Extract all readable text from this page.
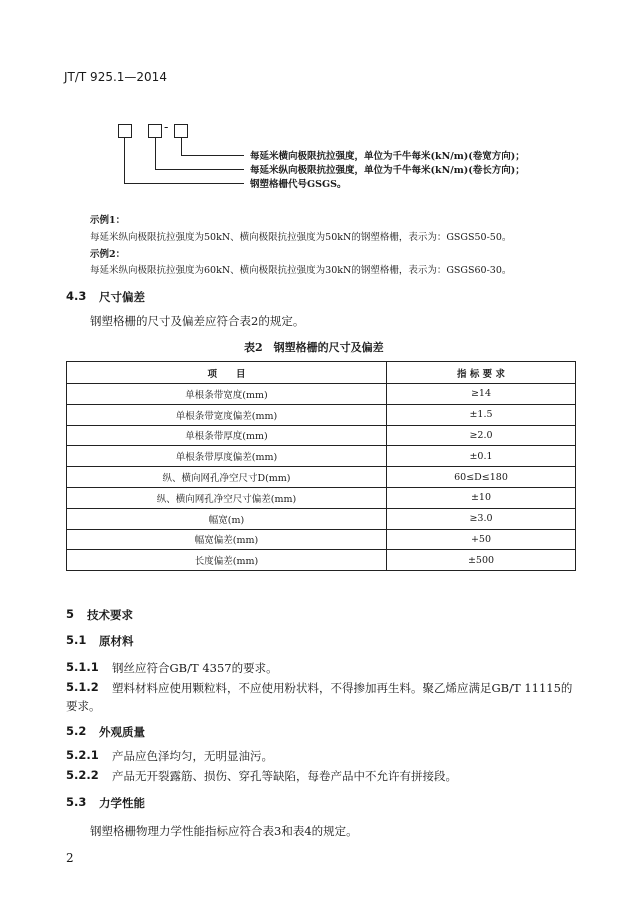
JT/T 925.1—2014
-
每延米横向极限抗拉强度，单位为千牛每米(kN/m)(卷宽方向)；
每延米纵向极限抗拉强度，单位为千牛每米(kN/m)(卷长方向)；
钢塑格栅代号GSGS。
示例1：
每延米纵向极限抗拉强度为50kN、横向极限抗拉强度为50kN的钢塑格栅，表示为：GSGS50-50。
示例2：
每延米纵向极限抗拉强度为60kN、横向极限抗拉强度为30kN的钢塑格栅，表示为：GSGS60-30。
4.3 尺寸偏差
钢塑格栅的尺寸及偏差应符合表2的规定。
表2　钢塑格栅的尺寸及偏差
项　　目	指 标 要 求
单根条带宽度(mm)	≥14
单根条带宽度偏差(mm)	±1.5
单根条带厚度(mm)	≥2.0
单根条带厚度偏差(mm)	±0.1
纵、横向网孔净空尺寸D(mm)	60≤D≤180
纵、横向网孔净空尺寸偏差(mm)	±10
幅宽(m)	≥3.0
幅宽偏差(mm)	+50
长度偏差(mm)	±500
5 技术要求
5.1 原材料
5.1.1 钢丝应符合GB/T 4357的要求。
5.1.2 塑料材料应使用颗粒料，不应使用粉状料，不得掺加再生料。聚乙烯应满足GB/T 11115的
要求。
5.2 外观质量
5.2.1 产品应色泽均匀，无明显油污。
5.2.2 产品无开裂露筋、损伤、穿孔等缺陷，每卷产品中不允许有拼接段。
5.3 力学性能
钢塑格栅物理力学性能指标应符合表3和表4的规定。
2
